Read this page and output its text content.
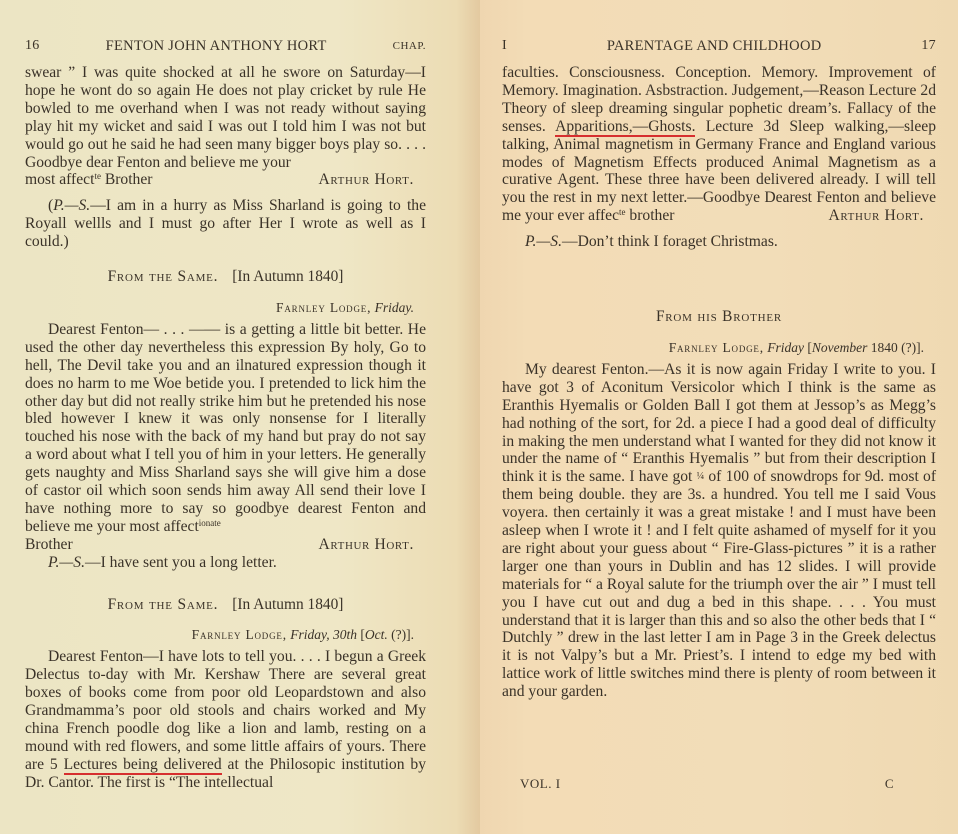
16	FENTON JOHN ANTHONY HORT	CHAP.

swear ” I was quite shocked at all he swore on Saturday—I hope he wont do so again He does not play cricket by rule He bowled to me overhand when I was not ready without saying play hit my wicket and said I was out I told him I was not but would go out he said he had seen many bigger boys play so. . . . Goodbye dear Fenton and believe me your

most affect$^{te}$ Brother	Arthur Hort.

(P.—S.—I am in a hurry as Miss Sharland is going to the Royall wellls and I must go after Her I wrote as well as I could.)

From the Same. [In Autumn 1840]
Farnley Lodge, Friday.

Dearest Fenton— . . . —— is a getting a little bit better. He used the other day nevertheless this expression By holy, Go to hell, The Devil take you and an ilnatured expression though it does no harm to me Woe betide you. I pretended to lick him the other day but did not really strike him but he pretended his nose bled however I knew it was only nonsense for I literally touched his nose with the back of my hand but pray do not say a word about what I tell you of him in your letters. He generally gets naughty and Miss Sharland says she will give him a dose of castor oil which soon sends him away All send their love I have nothing more to say so goodbye dearest Fenton and believe me your most affect$^{ionate}$

Brother	Arthur Hort.

P.—S.—I have sent you a long letter.

From the Same. [In Autumn 1840]
Farnley Lodge, Friday, 30th [Oct. (?)].

Dearest Fenton—I have lots to tell you. . . . I begun a Greek Delectus to-day with Mr. Kershaw There are several great boxes of books come from poor old Leopardstown and also Grandmamma’s poor old stools and chairs worked and My china French poodle dog like a lion and lamb, resting on a mound with red flowers, and some little affairs of yours. There are 5 Lectures being delivered at the Philosopic institution by Dr. Cantor. The first is “The intellectual

I	PARENTAGE AND CHILDHOOD	17

faculties. Consciousness. Conception. Memory. Improvement of Memory. Imagination. Asbstraction. Judgement,—Reason Lecture 2d Theory of sleep dreaming singular pophetic dream’s. Fallacy of the senses. Apparitions,—Ghosts. Lecture 3d Sleep walking,—sleep talking, Animal magnetism in Germany France and England various modes of Magnetism Effects produced Animal Magnetism as a curative Agent. These three have been delivered already. I will tell you the rest in my next letter.—Goodbye Dearest Fenton and believe me your ever affec$^{te}$ brother	Arthur Hort.

P.—S.—Don’t think I foraget Christmas.

From his Brother
Farnley Lodge, Friday [November 1840 (?)].

My dearest Fenton.—As it is now again Friday I write to you. I have got 3 of Aconitum Versicolor which I think is the same as Eranthis Hyemalis or Golden Ball I got them at Jessop’s as Megg’s had nothing of the sort, for 2d. a piece I had a good deal of difficulty in making the men understand what I wanted for they did not know it under the name of “ Eranthis Hyemalis ” but from their description I think it is the same. I have got ¼ of 100 of snowdrops for 9d. most of them being double. they are 3s. a hundred. You tell me I said Vous voyera. then certainly it was a great mistake ! and I must have been asleep when I wrote it ! and I felt quite ashamed of myself for it you are right about your guess about “ Fire-Glass-pictures ” it is a rather larger one than yours in Dublin and has 12 slides. I will provide materials for “ a Royal salute for the triumph over the air ” I must tell you I have cut out and dug a bed in this shape. . . . You must understand that it is larger than this and so also the other beds that I “ Dutchly ” drew in the last letter I am in Page 3 in the Greek delectus it is not Valpy’s but a Mr. Priest’s. I intend to edge my bed with lattice work of little switches mind there is plenty of room between it and your garden.

VOL. I	C
